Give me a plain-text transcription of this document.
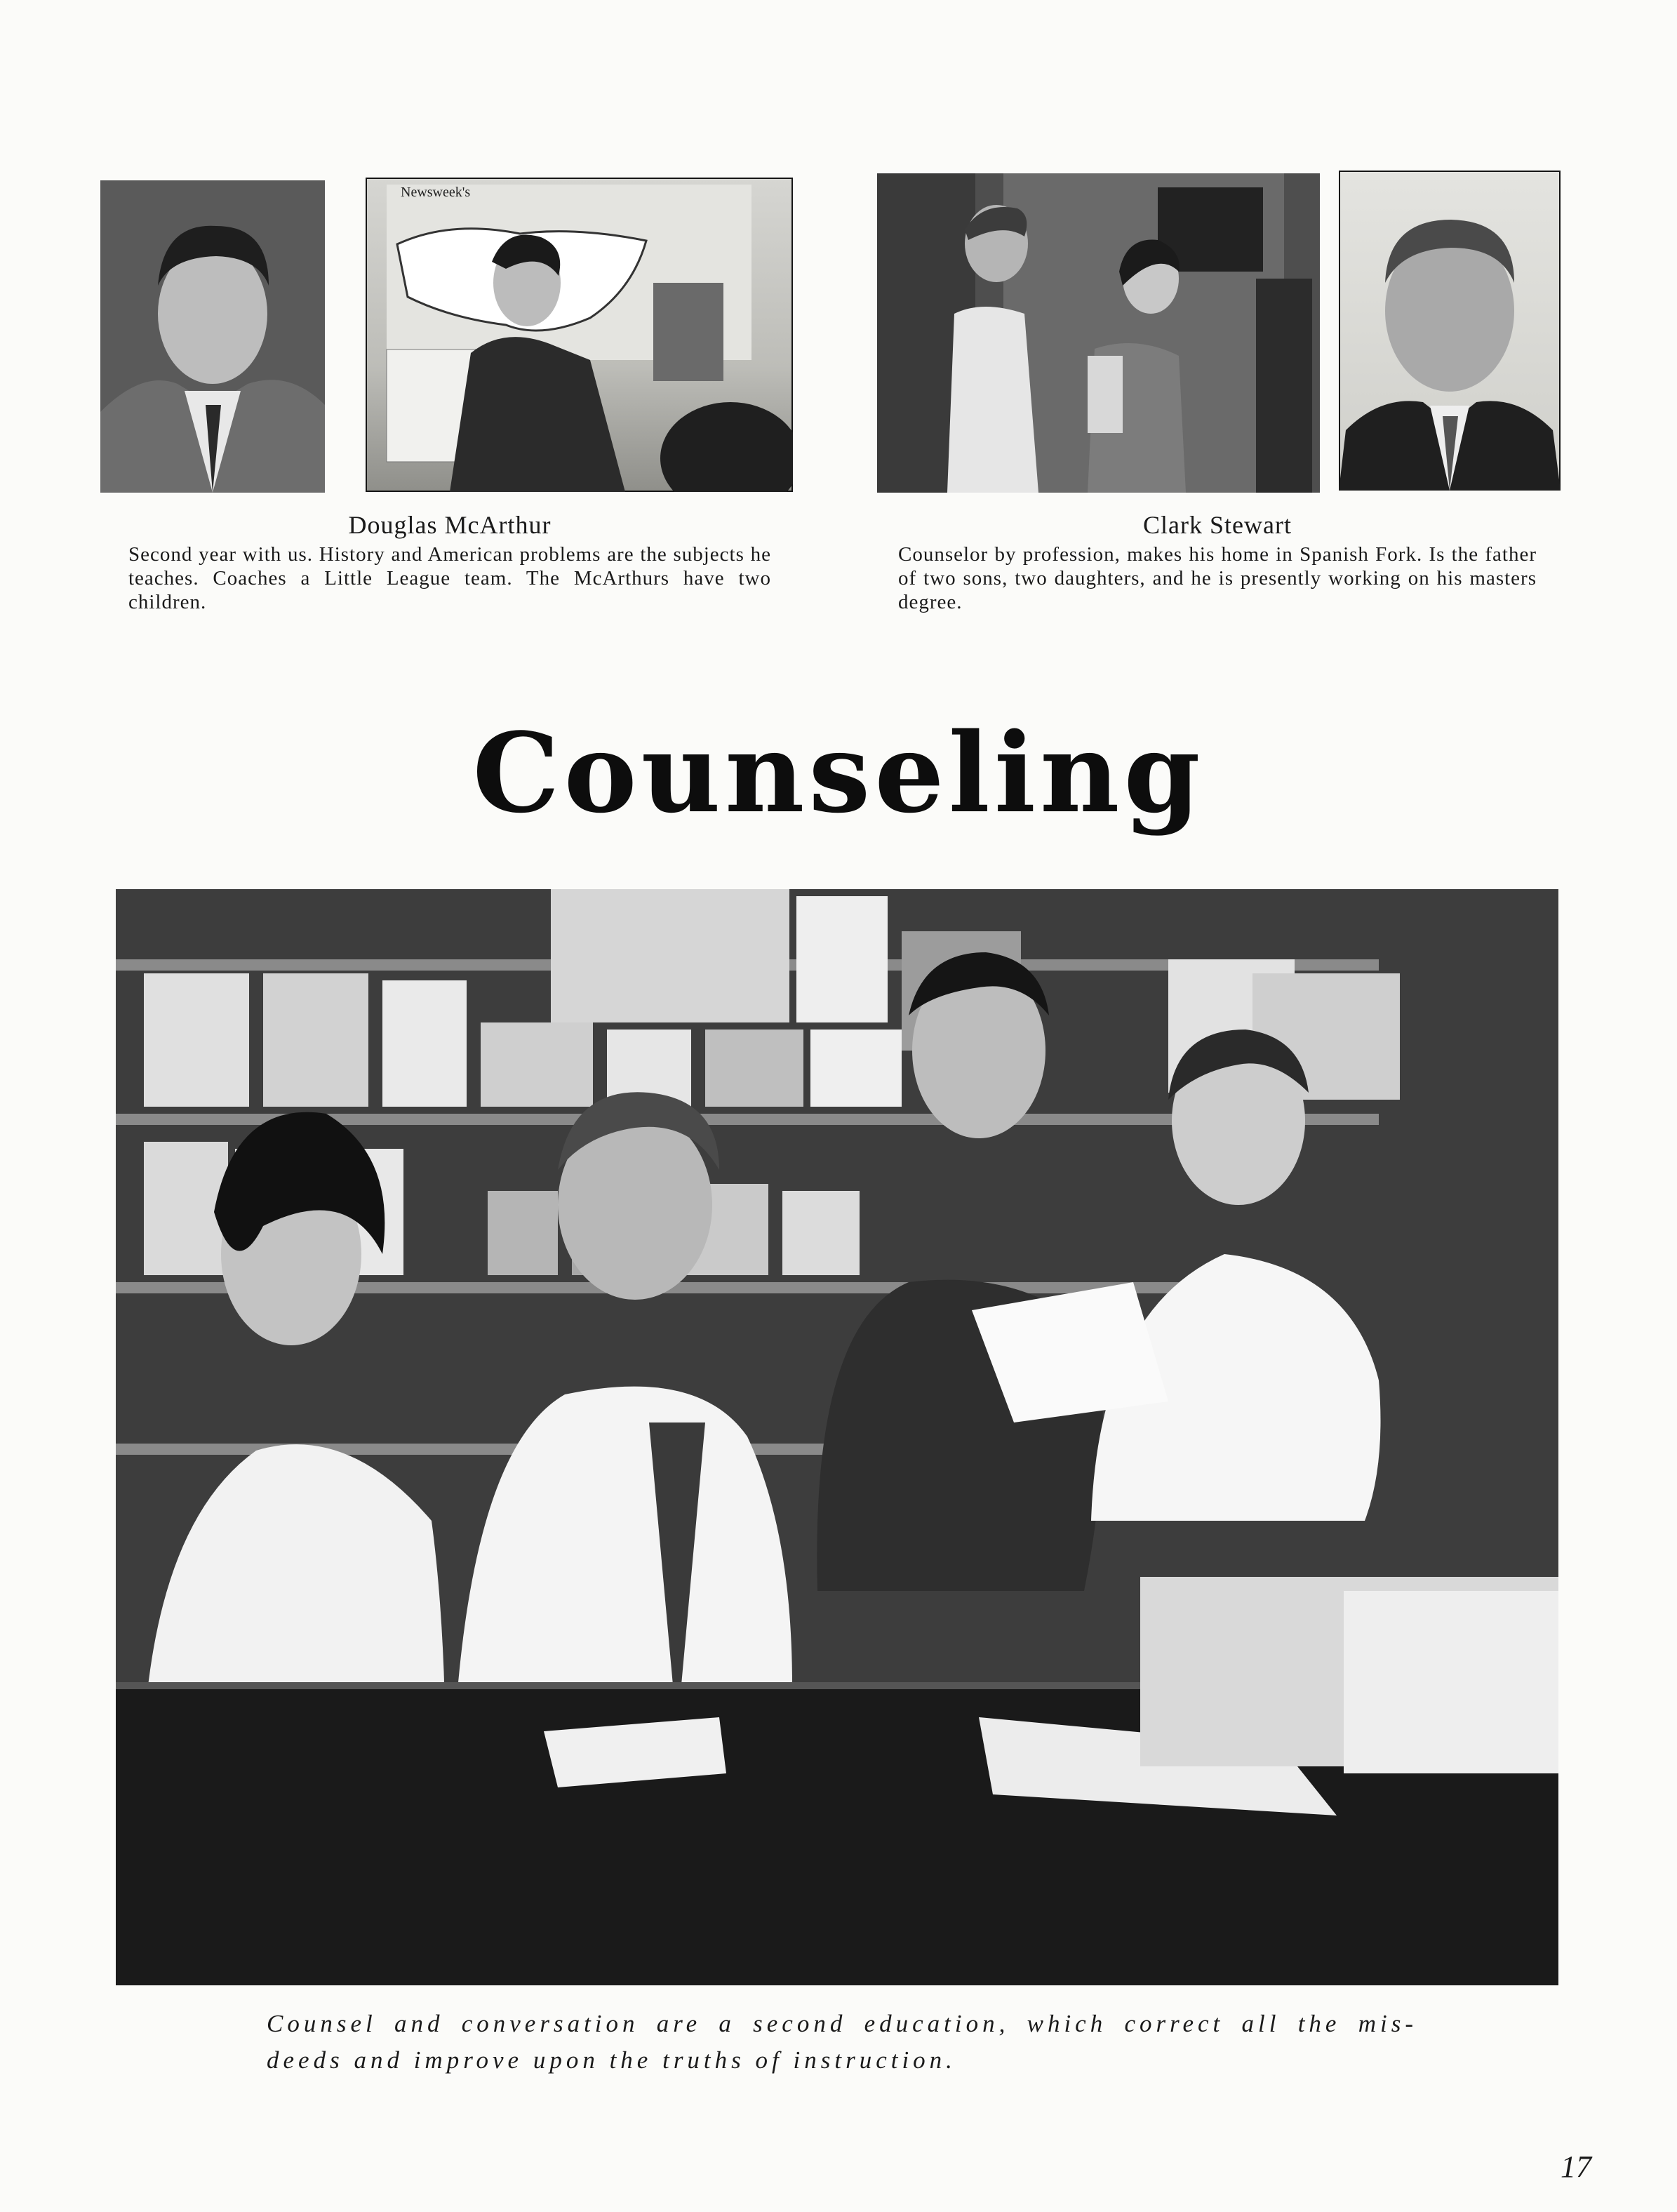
Newsweek's
Douglas McArthur
Second year with us. History and American problems are the subjects he teaches. Coaches a Little League team. The McArthurs have two children.
Clark Stewart
Counselor by profession, makes his home in Spanish Fork. Is the father of two sons, two daughters, and he is presently working on his masters degree.
Counseling
Counsel and conversation are a second education, which correct all the mis-
deeds and improve upon the truths of instruction.
17
